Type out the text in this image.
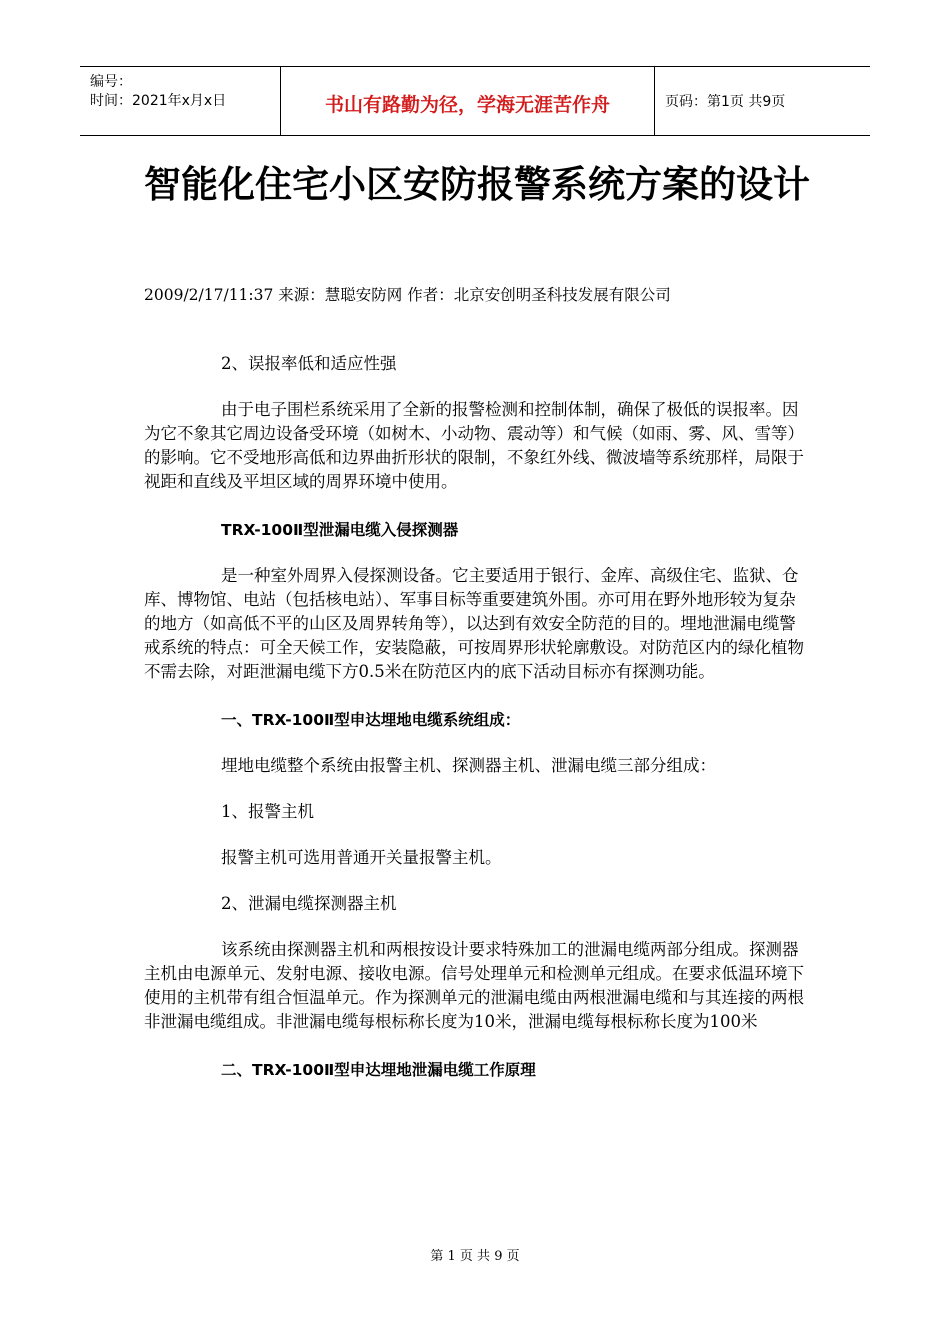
编号：
时间：2021年x月x日	书山有路勤为径，学海无涯苦作舟	页码：第1页 共9页
智能化住宅小区安防报警系统方案的设计
2009/2/17/11:37 来源：慧聪安防网 作者：北京安创明圣科技发展有限公司

2、误报率低和适应性强

由于电子围栏系统采用了全新的报警检测和控制体制，确保了极低的误报率。因为它不象其它周边设备受环境（如树木、小动物、震动等）和气候（如雨、雾、风、雪等）的影响。它不受地形高低和边界曲折形状的限制，不象红外线、微波墙等系统那样，局限于视距和直线及平坦区域的周界环境中使用。

TRX-100Ⅱ型泄漏电缆入侵探测器

是一种室外周界入侵探测设备。它主要适用于银行、金库、高级住宅、监狱、仓库、博物馆、电站（包括核电站）、军事目标等重要建筑外围。亦可用在野外地形较为复杂的地方（如高低不平的山区及周界转角等），以达到有效安全防范的目的。埋地泄漏电缆警戒系统的特点：可全天候工作，安装隐蔽，可按周界形状轮廓敷设。对防范区内的绿化植物不需去除，对距泄漏电缆下方0.5米在防范区内的底下活动目标亦有探测功能。

一、TRX-100Ⅱ型申达埋地电缆系统组成：

埋地电缆整个系统由报警主机、探测器主机、泄漏电缆三部分组成：

1、报警主机

报警主机可选用普通开关量报警主机。

2、泄漏电缆探测器主机

该系统由探测器主机和两根按设计要求特殊加工的泄漏电缆两部分组成。探测器主机由电源单元、发射电源、接收电源。信号处理单元和检测单元组成。在要求低温环境下使用的主机带有组合恒温单元。作为探测单元的泄漏电缆由两根泄漏电缆和与其连接的两根非泄漏电缆组成。非泄漏电缆每根标称长度为10米，泄漏电缆每根标称长度为100米

二、TRX-100Ⅱ型申达埋地泄漏电缆工作原理

第 1 页 共 9 页
